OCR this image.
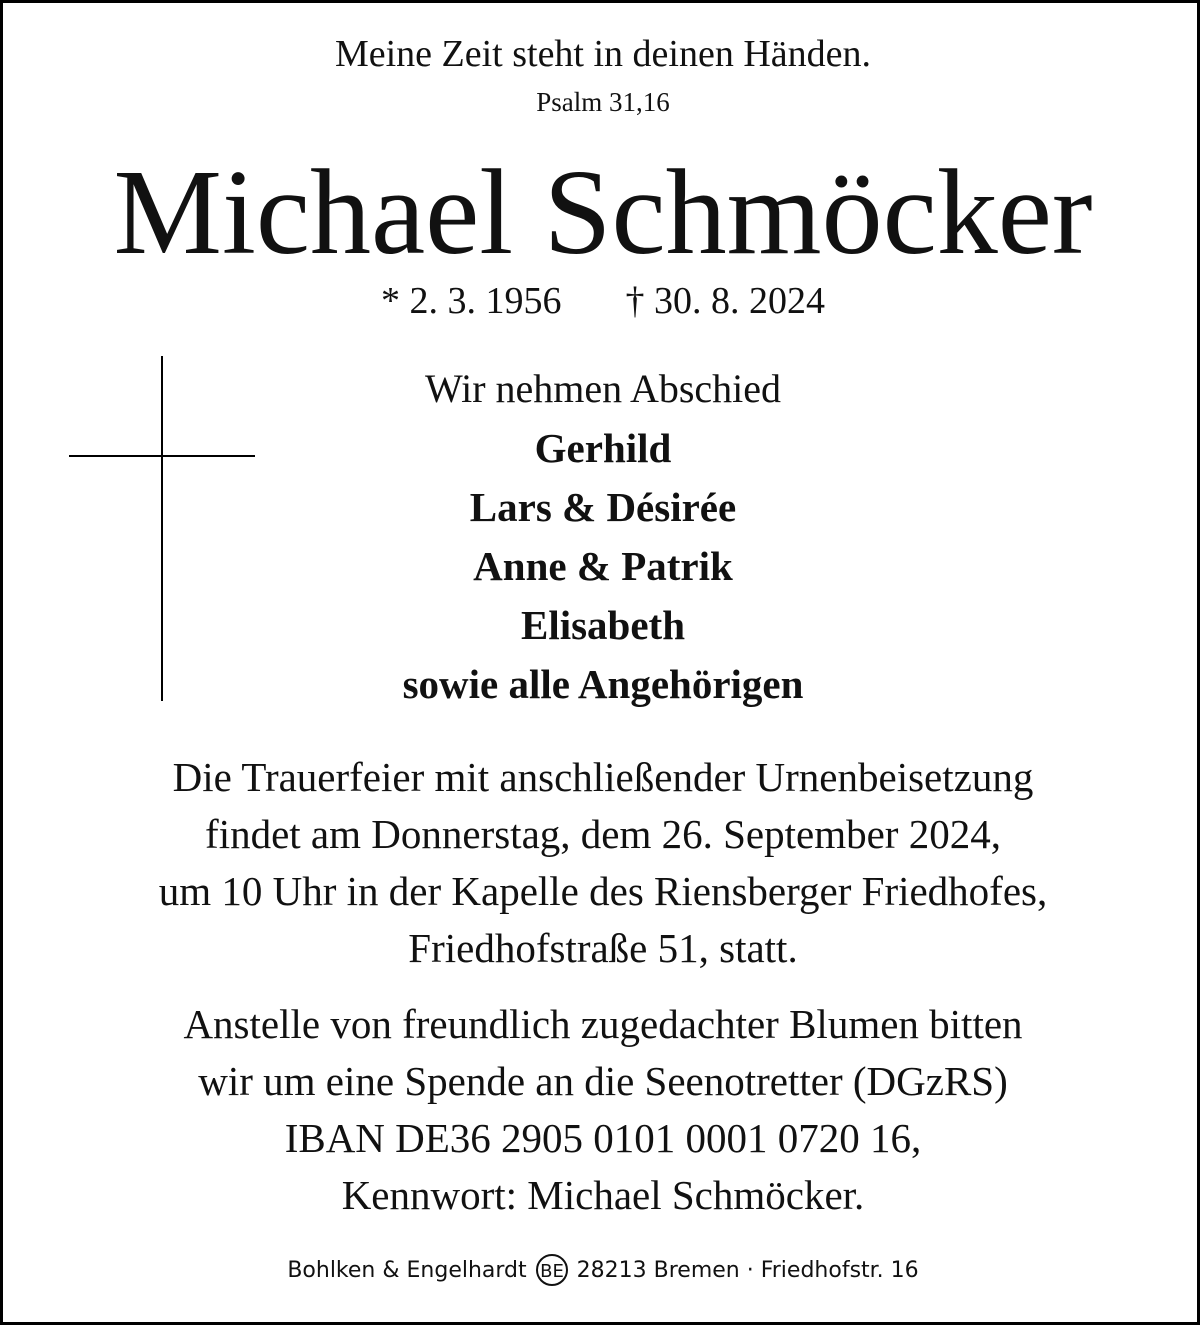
Meine Zeit steht in deinen Händen.
Psalm 31,16
Michael Schmöcker
* 2. 3. 1956 † 30. 8. 2024
Wir nehmen Abschied
Gerhild
Lars & Désirée
Anne & Patrik
Elisabeth
sowie alle Angehörigen
Die Trauerfeier mit anschließender Urnenbeisetzung
findet am Donnerstag, dem 26. September 2024,
um 10 Uhr in der Kapelle des Riensberger Friedhofes,
Friedhofstraße 51, statt.
Anstelle von freundlich zugedachter Blumen bitten
wir um eine Spende an die Seenotretter (DGzRS)
IBAN DE36 2905 0101 0001 0720 16,
Kennwort: Michael Schmöcker.
Bohlken & Engelhardt BE 28213 Bremen · Friedhofstr. 16
